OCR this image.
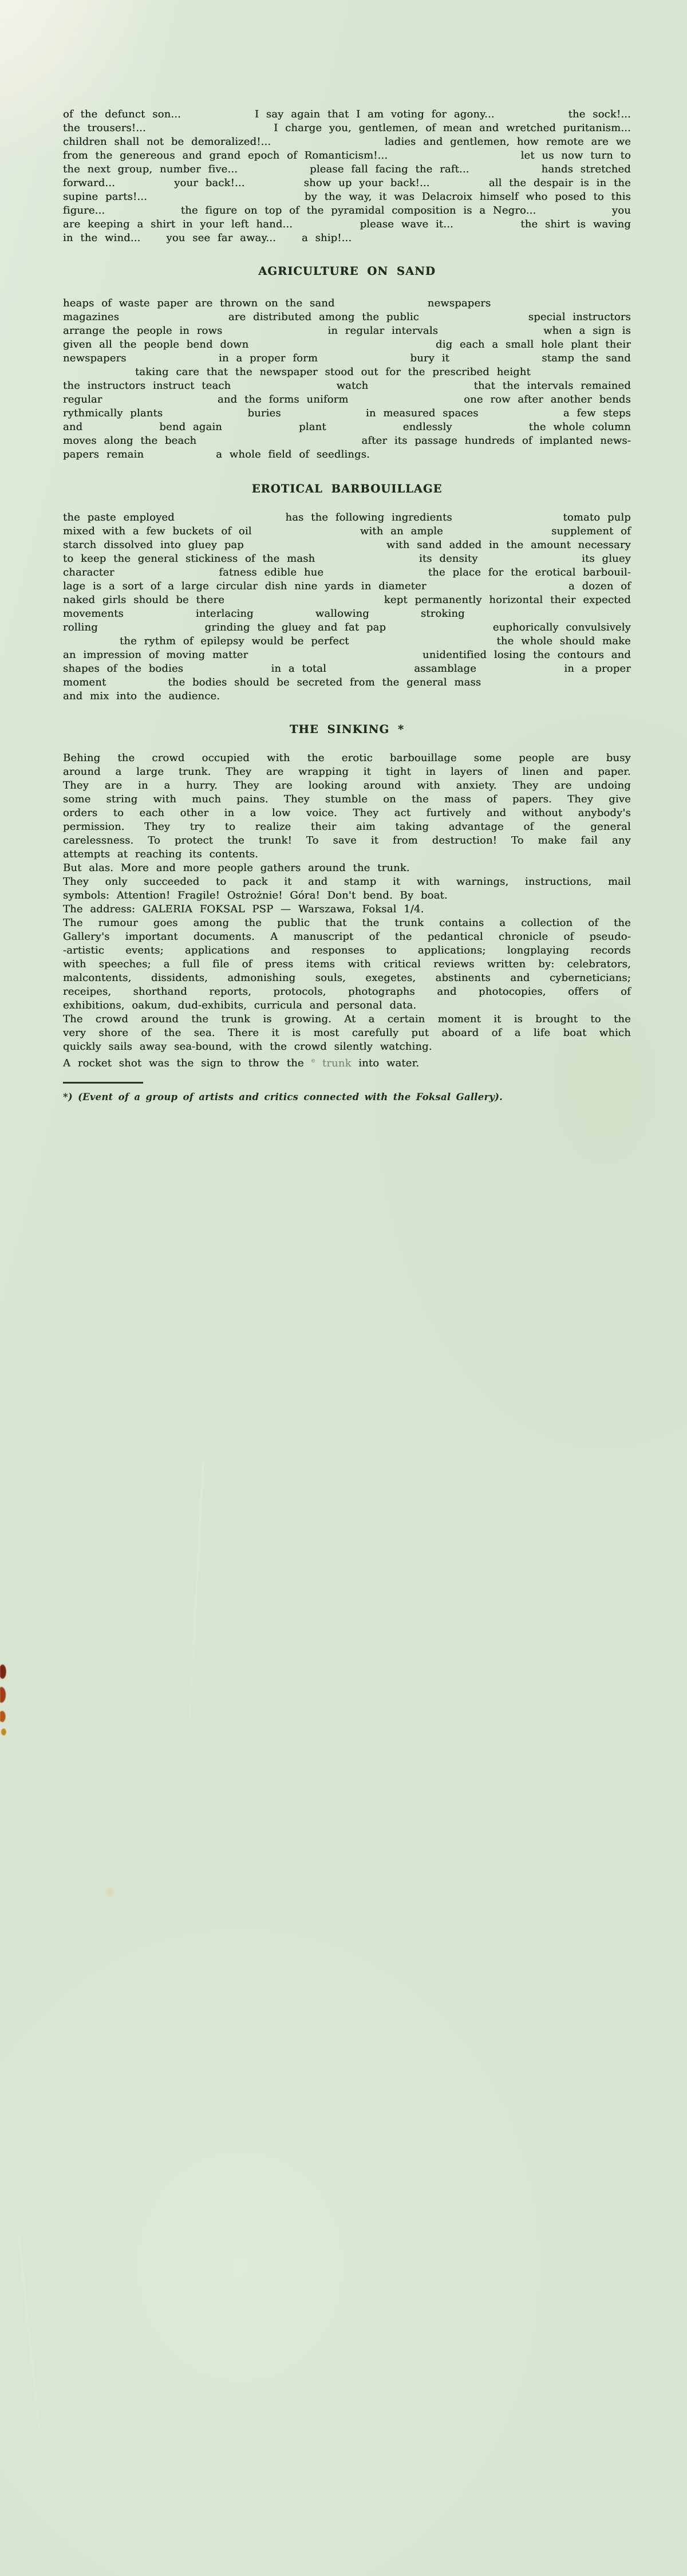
of the defunct son...	I say again that I am voting for agony...	the sock!...
the trousers!...	I charge you, gentlemen, of mean and wretched puritanism...
children shall not be demoralized!...	ladies and gentlemen, how remote are we
from the genereous and grand epoch of Romanticism!...	let us now turn to
the next group, number five...	please fall facing the raft...	hands stretched
forward...	your back!...	show up your back!...	all the despair is in the
supine parts!...	by the way, it was Delacroix himself who posed to this
figure...	the figure on top of the pyramidal composition is a Negro...	you
are keeping a shirt in your left hand...	please wave it...	the shirt is waving
in the wind...	you see far away...	a ship!...
AGRICULTURE ON SAND
heaps of waste paper are thrown on the sand	newspapers
magazines	are distributed among the public	special instructors
arrange the people in rows	in regular intervals	when a sign is
given all the people bend down	dig each a small hole plant their
newspapers	in a proper form	bury it	stamp the sand
taking care that the newspaper stood out for the prescribed height
the instructors instruct teach	watch	that the intervals remained
regular	and the forms uniform	one row after another bends
rythmically plants	buries	in measured spaces	a few steps
and	bend again	plant	endlessly	the whole column
moves along the beach	after its passage hundreds of implanted news-
papers remain	a whole field of seedlings.
EROTICAL BARBOUILLAGE
the paste employed	has the following ingredients	tomato pulp
mixed with a few buckets of oil	with an ample	supplement of
starch dissolved into gluey pap	with sand added in the amount necessary
to keep the general stickiness of the mash	its density	its gluey
character	fatness edible hue	the place for the erotical barbouil-
lage is a sort of a large circular dish nine yards in diameter	a dozen of
naked girls should be there	kept permanently horizontal their expected
movements	interlacing	wallowing	stroking
rolling	grinding the gluey and fat pap	euphorically convulsively
the rythm of epilepsy would be perfect	the whole should make
an impression of moving matter	unidentified losing the contours and
shapes of the bodies	in a total	assamblage	in a proper
moment	the bodies should be secreted from the general mass
and mix into the audience.
THE SINKING *
Behing the crowd occupied with the erotic barbouillage some people are busy
around a large trunk. They are wrapping it tight in layers of linen and paper.
They are in a hurry. They are looking around with anxiety. They are undoing
some string with much pains. They stumble on the mass of papers. They give
orders to each other in a low voice. They act furtively and without anybody's
permission. They try to realize their aim taking advantage of the general
carelessness. To protect the trunk! To save it from destruction! To make fail any
attempts at reaching its contents.
But alas. More and more people gathers around the trunk.
They only succeeded to pack it and stamp it with warnings, instructions, mail
symbols: Attention! Fragile! Ostrożnie! Góra! Don't bend. By boat.
The address: GALERIA FOKSAL PSP — Warszawa, Foksal 1/4.
The rumour goes among the public that the trunk contains a collection of the
Gallery's important documents. A manuscript of the pedantical chronicle of pseudo-
-artistic events; applications and responses to applications; longplaying records
with speeches; a full file of press items with critical reviews written by: celebrators,
malcontents, dissidents, admonishing souls, exegetes, abstinents and cyberneticians;
receipes, shorthand reports, protocols, photographs and photocopies, offers of
exhibitions, oakum, dud-exhibits, curricula and personal data.
The crowd around the trunk is growing. At a certain moment it is brought to the
very shore of the sea. There it is most carefully put aboard of a life boat which
quickly sails away sea-bound, with the crowd silently watching.
A rocket shot was the sign to throw the $^e$ trunk into water.

*) (Event of a group of artists and critics connected with the Foksal Gallery).
